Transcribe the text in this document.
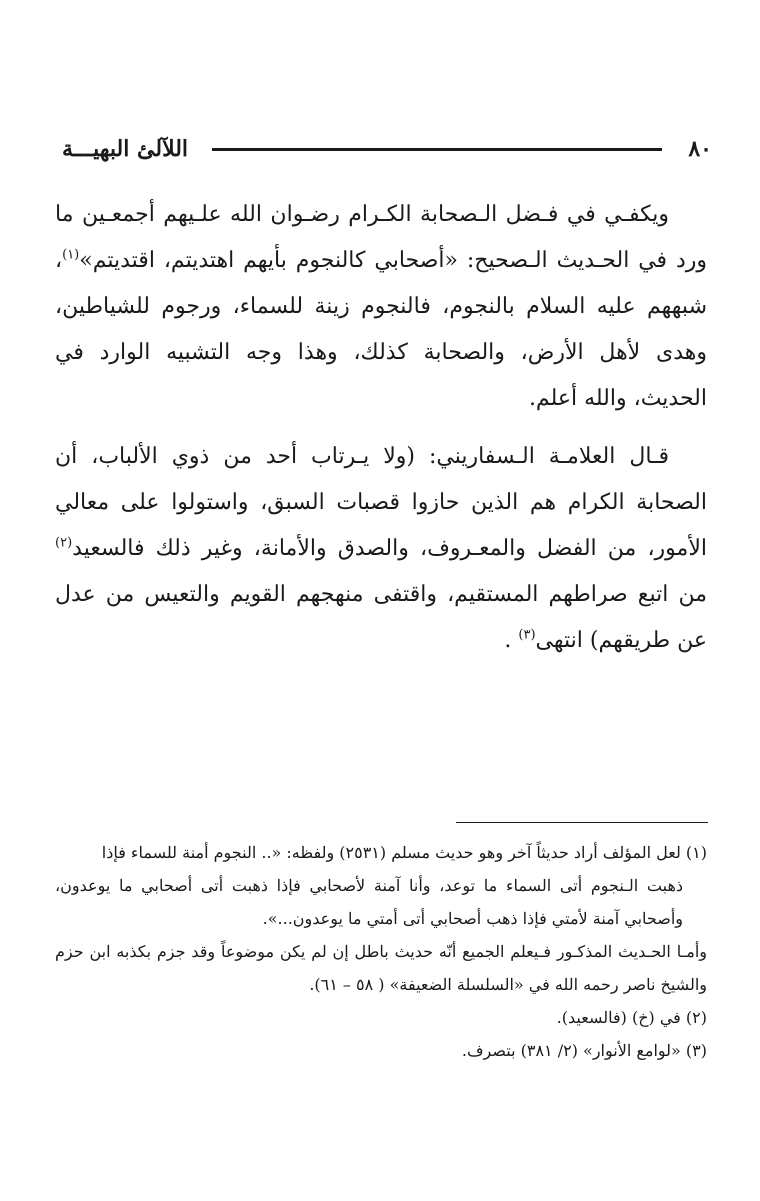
٨٠
اللآلئ البهيـــة

ويكفـي في فـضل الـصحابة الكـرام رضـوان الله علـيهم أجمعـين ما ورد في الحـديث الـصحيح: «أصحابي كالنجوم بأيهم اهتديتم، اقتديتم»$^{(١)}$، شبههم عليه السلام بالنجوم، فالنجوم زينة للسماء، ورجوم للشياطين، وهدى لأهل الأرض، والصحابة كذلك، وهذا وجه التشبيه الوارد في الحديث، والله أعلم.

قـال العلامـة الـسفاريني: (ولا يـرتاب أحد من ذوي الألباب، أن الصحابة الكرام هم الذين حازوا قصبات السبق، واستولوا على معالي الأمور، من الفضل والمعـروف، والصدق والأمانة، وغير ذلك فالسعيد$^{(٢)}$ من اتبع صراطهم المستقيم، واقتفى منهجهم القويم والتعيس من عدل عن طريقهم) انتهى$^{(٣)}$ .

(١) لعل المؤلف أراد حديثاً آخر وهو حديث مسلم (٢٥٣١) ولفظه: «.. النجوم أمنة للسماء فإذا

ذهبت الـنجوم أتى السماء ما توعد، وأنا آمنة لأصحابي فإذا ذهبت أتى أصحابي ما يوعدون، وأصحابي آمنة لأمتي فإذا ذهب أصحابي أتى أمتي ما يوعدون...».

وأمـا الحـديث المذكـور فـيعلم الجميع أنّه حديث باطل إن لم يكن موضوعاً وقد جزم بكذبه ابن حزم والشيخ ناصر رحمه الله في «السلسلة الضعيفة» ( ٥٨ – ٦١).

(٢) في (خ) (فالسعيد).

(٣) «لوامع الأنوار» (٢/ ٣٨١) بتصرف.
